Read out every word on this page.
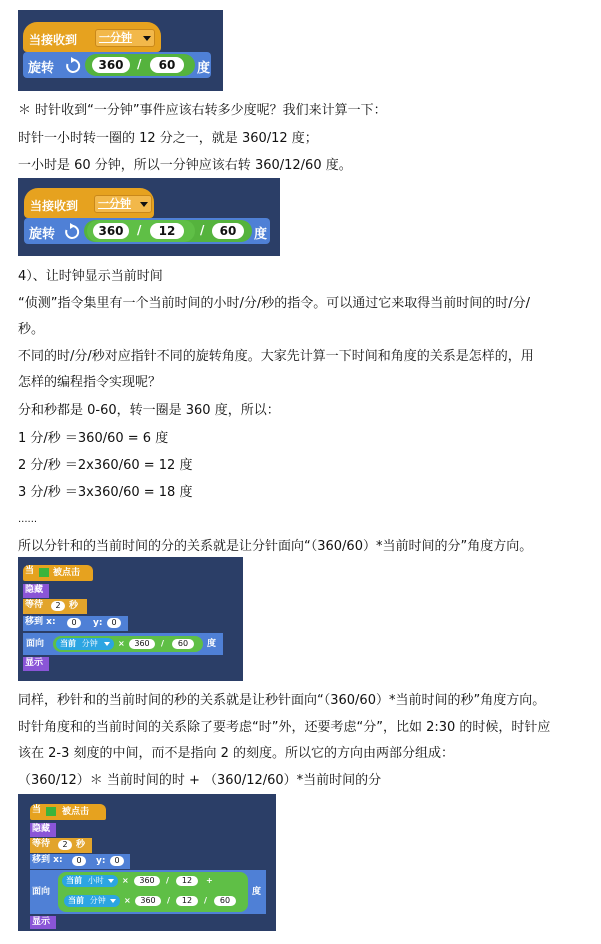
当接收到	一分钟
旋转	360	/	60	度
＊ 时针收到“一分钟”事件应该右转多少度呢？我们来计算一下：
时针一小时转一圈的 12 分之一，就是 360/12 度；
一小时是 60 分钟，所以一分钟应该右转 360/12/60 度。
当接收到	一分钟
旋转	360	/	12	/	60	度
4）、让时钟显示当前时间
“侦测”指令集里有一个当前时间的小时/分/秒的指令。可以通过它来取得当前时间的时/分/
秒。
不同的时/分/秒对应指针不同的旋转角度。大家先计算一下时间和角度的关系是怎样的，用
怎样的编程指令实现呢？
分和秒都是 0-60，转一圈是 360 度，所以：
1 分/秒 ＝360/60 = 6 度
2 分/秒 ＝2x360/60 = 12 度
3 分/秒 ＝3x360/60 = 18 度
......
所以分针和的当前时间的分的关系就是让分针面向“（360/60）*当前时间的分”角度方向。
当 被点击
隐藏
等待	2 秒
移到 x:	0	y:	0
面向	当前 分钟	×	360	/	60	度
显示
同样，秒针和的当前时间的秒的关系就是让秒针面向“（360/60）*当前时间的秒”角度方向。
时针角度和的当前时间的关系除了要考虑“时”外，还要考虑“分”，比如 2:30 的时候，时针应
该在 2-3 刻度的中间，而不是指向 2 的刻度。所以它的方向由两部分组成：
（360/12）＊ 当前时间的时 + （360/12/60）*当前时间的分
当 被点击
隐藏
等待	2 秒
移到 x:	0	y:	0
面向
当前 小时	×	360	/	12	+
当前 分钟	×	360	/	12	/	60
度
显示
